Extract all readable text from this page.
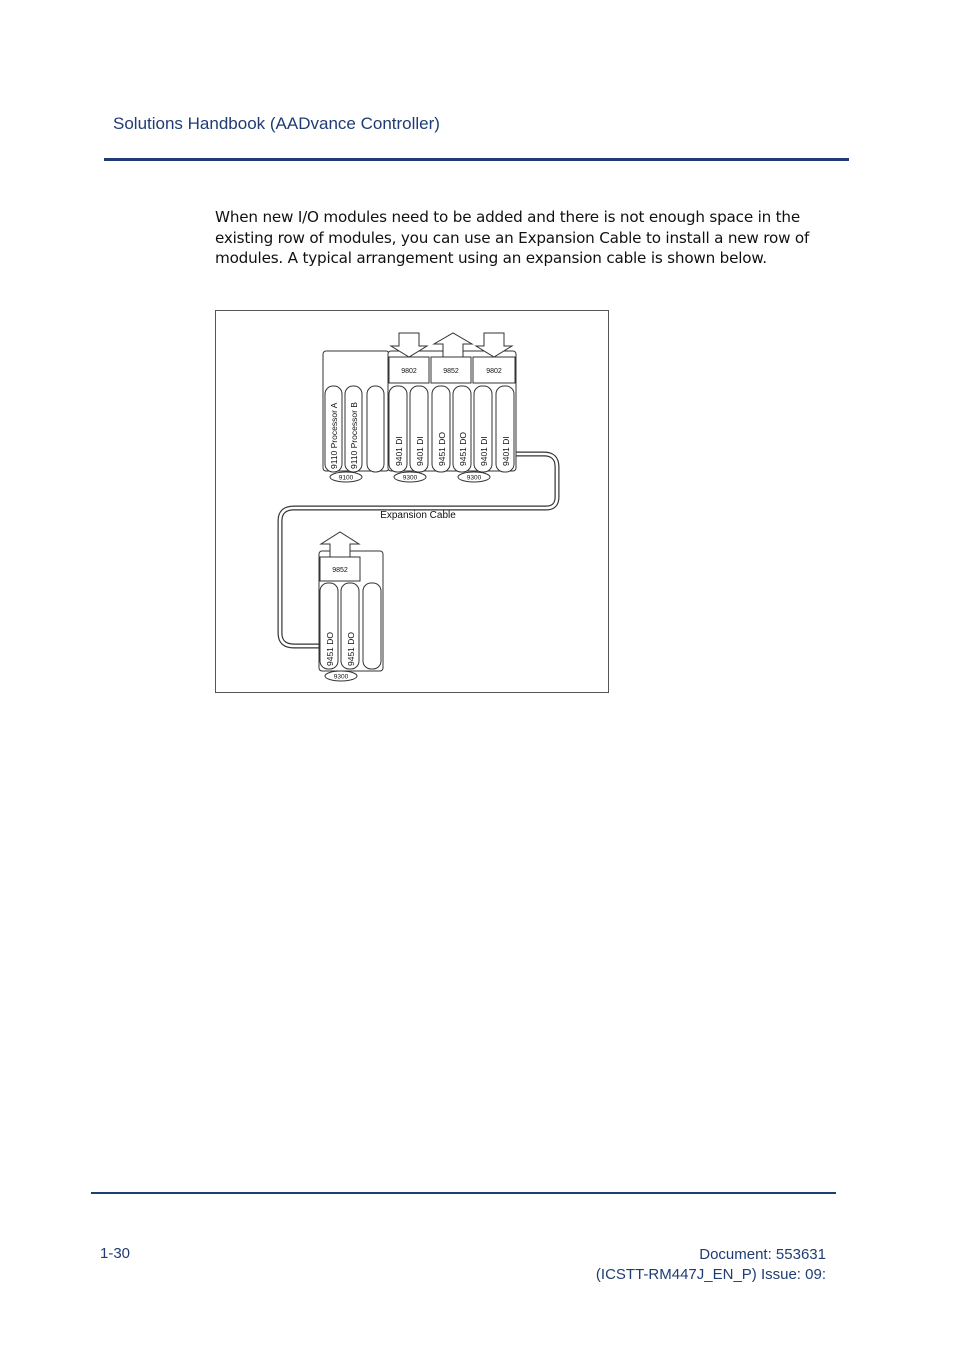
Solutions Handbook (AADvance Controller)
When new I/O modules need to be added and there is not enough space in the existing row of modules, you can use an Expansion Cable to install a new row of modules. A typical arrangement using an expansion cable is shown below.
9110 Processor A 9110 Processor B
9802	9852	9802
9401 DI 9401 DI 9451 DO 9451 DO 9401 DI 9401 DI
9100	9300	9300
Expansion Cable
9852
9451 DO 9451 DO
9300
1-30	Document: 553631
(ICSTT-RM447J_EN_P) Issue: 09:
